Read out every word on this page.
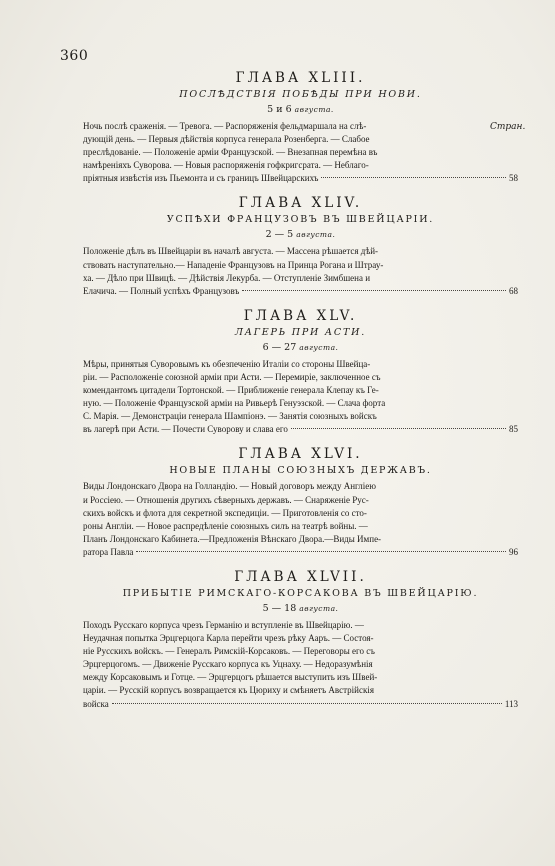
360
Стран.
ГЛАВА XLIII.
ПОСЛѢДСТВІЯ ПОБѢДЫ ПРИ НОВИ.
5 и 6 августа.
Ночь послѣ сраженія. — Тревога. — Распоряженія фельдмаршала на слѣ-
дующій день. — Первыя дѣйствія корпуса генерала Розенберга. — Слабое
преслѣдованіе. — Положеніе арміи Французской. — Внезапная перемѣна въ
намѣреніяхъ Суворова. — Новыя распоряженія гофкригсрата. — Неблаго-
пріятныя извѣстія изъ Пьемонта и съ границъ Швейцарскихъ	58
ГЛАВА XLIV.
УСПѢХИ ФРАНЦУЗОВЪ ВЪ ШВЕЙЦАРІИ.
2 — 5 августа.
Положеніе дѣлъ въ Швейцаріи въ началѣ августа. — Массена рѣшается дѣй-
ствовать наступательно.— Нападеніе Французовъ на Принца Рогана и Штрау-
ха. — Дѣло при Швицѣ. — Дѣйствія Лекурба. — Отступленіе Зимбшена и
Елачича. — Полный успѣхъ Французовъ	68
ГЛАВА XLV.
ЛАГЕРЬ ПРИ АСТИ.
6 — 27 августа.
Мѣры, принятыя Суворовымъ къ обезпеченію Италіи со стороны Швейца-
ріи. — Расположеніе союзной арміи при Асти. — Перемиріе, заключенное съ
комендантомъ цитадели Тортонской. — Приближеніе генерала Клепау къ Ге-
ную. — Положеніе Французской арміи на Ривьерѣ Генуэзской. — Слача форта
С. Марія. — Демонстраціи генерала Шампіонэ. — Занятія союзныхъ войскъ
въ лагерѣ при Асти. — Почести Суворову и слава его	85
ГЛАВА XLVI.
НОВЫЕ ПЛАНЫ СОЮЗНЫХЪ ДЕРЖАВЪ.
Виды Лондонскаго Двора на Голландію. — Новый договоръ между Англіею
и Россіею. — Отношенія другихъ сѣверныхъ державъ. — Снаряженіе Рус-
скихъ войскъ и флота для секретной экспедиціи. — Приготовленія со сто-
роны Англіи. — Новое распредѣленіе союзныхъ силъ на театрѣ войны. —
Планъ Лондонскаго Кабинета.—Предложенія Вѣнскаго Двора.—Виды Импе-
ратора Павла	96
ГЛАВА XLVII.
ПРИБЫТІЕ РИМСКАГО-КОРСАКОВА ВЪ ШВЕЙЦАРІЮ.
5 — 18 августа.
Походъ Русскаго корпуса чрезъ Германію и вступленіе въ Швейцарію. —
Неудачная попытка Эрцгерцога Карла перейти чрезъ рѣку Ааръ. — Состоя-
ніе Русскихъ войскъ. — Генералъ Римскій-Корсаковъ. — Переговоры его съ
Эрцгерцогомъ. — Движеніе Русскаго корпуса къ Уцнаху. — Недоразумѣнія
между Корсаковымъ и Готце. — Эрцгерцогъ рѣшается выступить изъ Швей-
царіи. — Русскій корпусъ возвращается къ Цюриху и смѣняетъ Австрійскія
войска	113
